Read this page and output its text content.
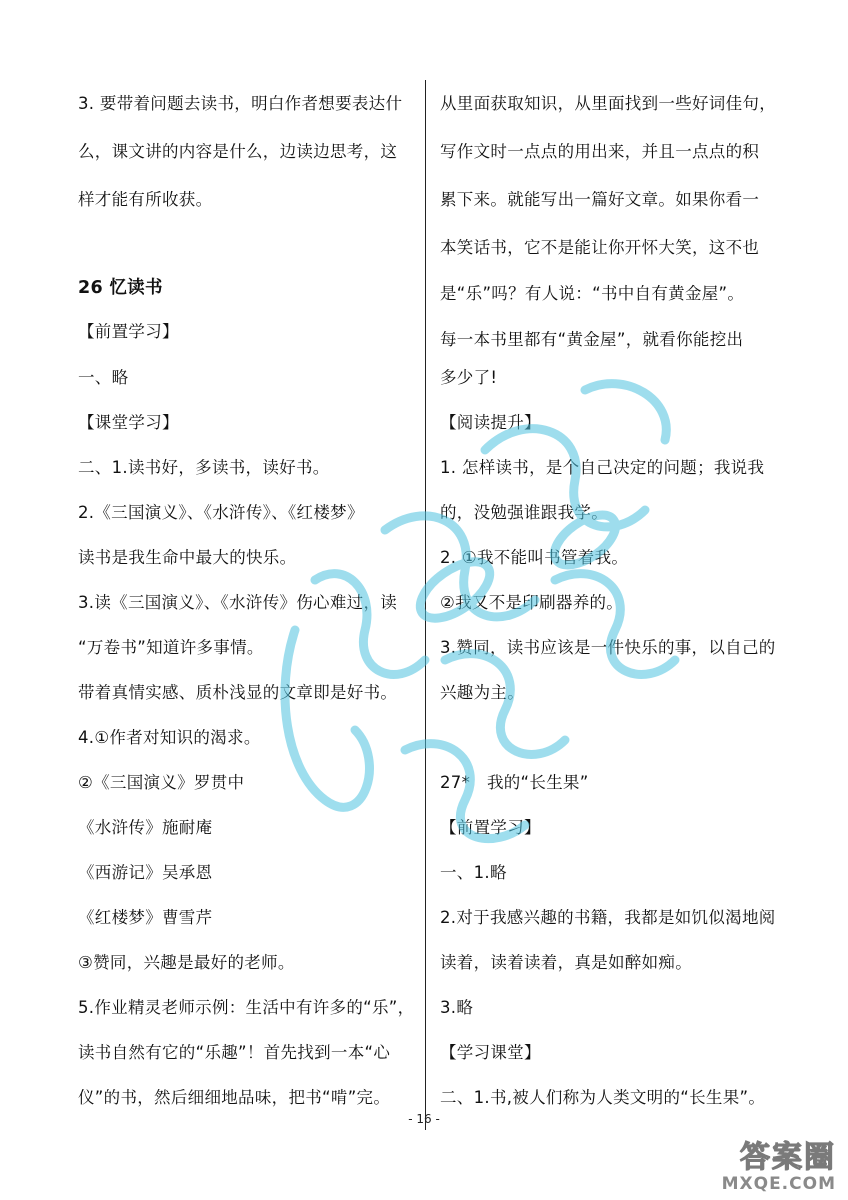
3. 要带着问题去读书，明白作者想要表达什
么，课文讲的内容是什么，边读边思考，这
样才能有所收获。
26 忆读书
【前置学习】
一、略
【课堂学习】
二、1.读书好，多读书，读好书。
2.《三国演义》、《水浒传》、《红楼梦》
读书是我生命中最大的快乐。
3.读《三国演义》、《水浒传》伤心难过，读
“万卷书”知道许多事情。
带着真情实感、质朴浅显的文章即是好书。
4.①作者对知识的渴求。
②《三国演义》罗贯中
《水浒传》施耐庵
《西游记》吴承恩
《红楼梦》曹雪芹
③赞同，兴趣是最好的老师。
5.作业精灵老师示例：生活中有许多的“乐”，
读书自然有它的“乐趣”！首先找到一本“心
仪”的书，然后细细地品味，把书“啃”完。
从里面获取知识，从里面找到一些好词佳句，
写作文时一点点的用出来，并且一点点的积
累下来。就能写出一篇好文章。如果你看一
本笑话书，它不是能让你开怀大笑，这不也
是“乐”吗？有人说：“书中自有黄金屋”。
每一本书里都有“黄金屋”，就看你能挖出
多少了!
【阅读提升】
1. 怎样读书，是个自己决定的问题；我说我
的，没勉强谁跟我学。
2. ①我不能叫书管着我。
②我又不是印刷器养的。
3.赞同，读书应该是一件快乐的事，以自己的
兴趣为主。
27*　我的“长生果”
【前置学习】
一、1.略
2.对于我感兴趣的书籍，我都是如饥似渴地阅
读着，读着读着，真是如醉如痴。
3.略
【学习课堂】
二、1.书,被人们称为人类文明的“长生果”。
- 16 -
答案圈
MXQE.COM
